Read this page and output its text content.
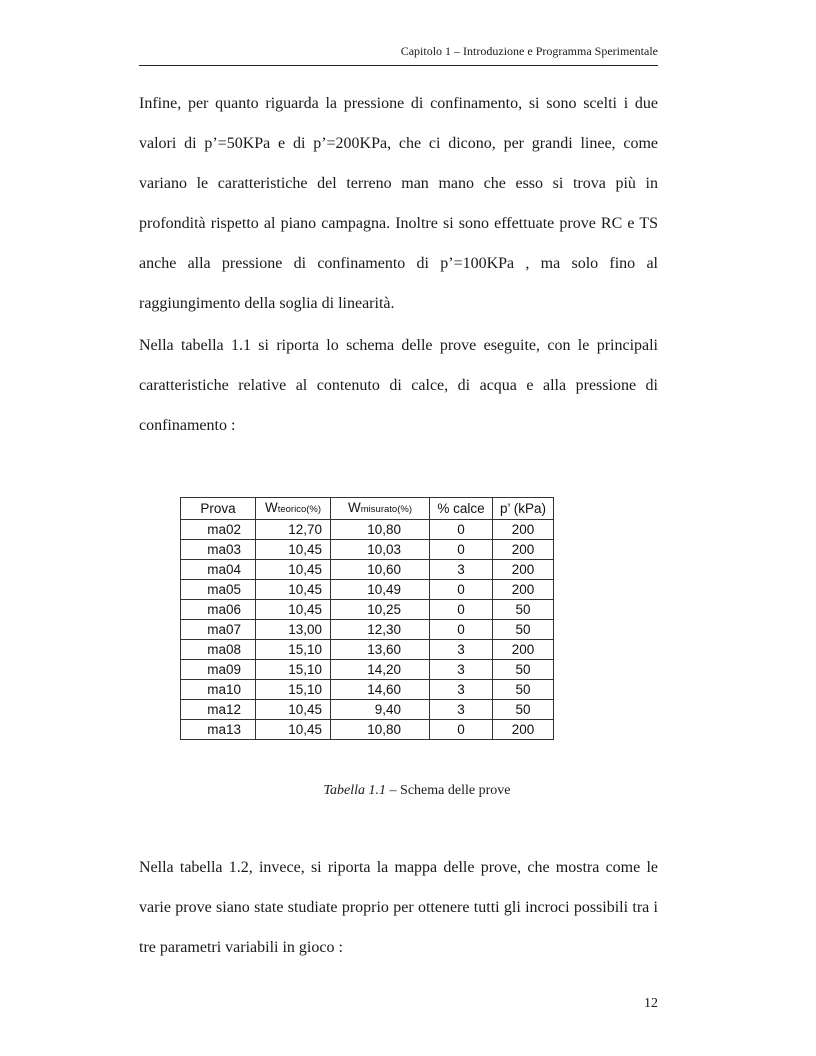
Capitolo 1 – Introduzione e Programma Sperimentale

Infine, per quanto riguarda la pressione di confinamento, si sono scelti i due valori di p’=50KPa e di p’=200KPa, che ci dicono, per grandi linee, come variano le caratteristiche del terreno man mano che esso si trova più in profondità rispetto al piano campagna. Inoltre si sono effettuate prove RC e TS anche alla pressione di confinamento di p’=100KPa , ma solo fino al raggiungimento della soglia di linearità.

Nella tabella 1.1 si riporta lo schema delle prove eseguite, con le principali caratteristiche relative al contenuto di calce, di acqua e alla pressione di confinamento :

Prova	Wteorico(%)	Wmisurato(%)	% calce	p’ (kPa)
ma02	12,70	10,80	0	200
ma03	10,45	10,03	0	200
ma04	10,45	10,60	3	200
ma05	10,45	10,49	0	200
ma06	10,45	10,25	0	50
ma07	13,00	12,30	0	50
ma08	15,10	13,60	3	200
ma09	15,10	14,20	3	50
ma10	15,10	14,60	3	50
ma12	10,45	9,40	3	50
ma13	10,45	10,80	0	200
Tabella 1.1 – Schema delle prove

Nella tabella 1.2, invece, si riporta la mappa delle prove, che mostra come le varie prove siano state studiate proprio per ottenere tutti gli incroci possibili tra i tre parametri variabili in gioco :

12
